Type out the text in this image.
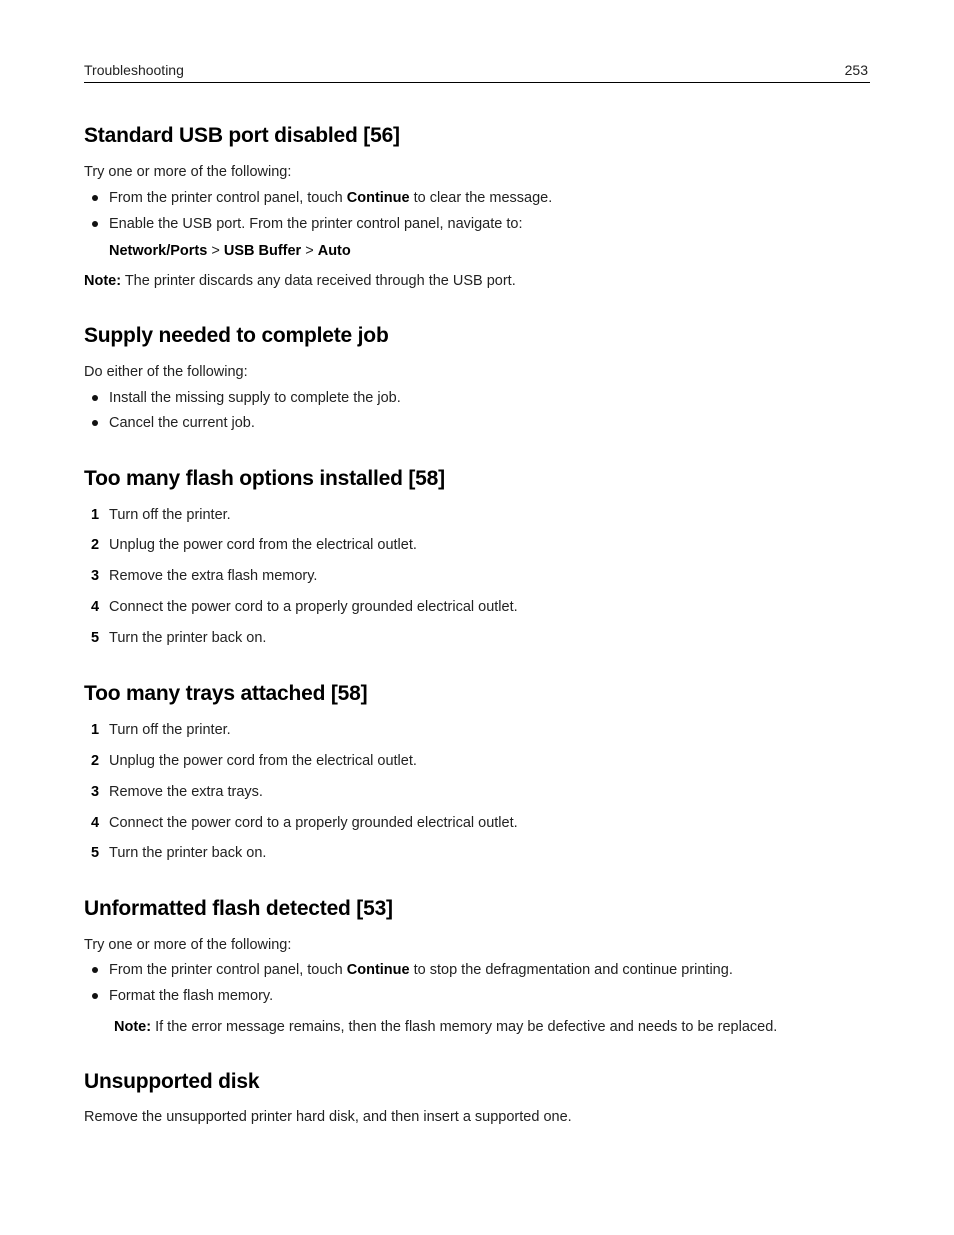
Troubleshooting	253
Standard USB port disabled [56]

Try one or more of the following:

From the printer control panel, touch Continue to clear the message.
Enable the USB port. From the printer control panel, navigate to:

Network/Ports > USB Buffer > Auto

Note: The printer discards any data received through the USB port.

Supply needed to complete job

Do either of the following:

Install the missing supply to complete the job.
Cancel the current job.
Too many flash options installed [58]
1 Turn off the printer.
2 Unplug the power cord from the electrical outlet.
3 Remove the extra flash memory.
4 Connect the power cord to a properly grounded electrical outlet.
5 Turn the printer back on.
Too many trays attached [58]
1 Turn off the printer.
2 Unplug the power cord from the electrical outlet.
3 Remove the extra trays.
4 Connect the power cord to a properly grounded electrical outlet.
5 Turn the printer back on.
Unformatted flash detected [53]

Try one or more of the following:

From the printer control panel, touch Continue to stop the defragmentation and continue printing.
Format the flash memory.

Note: If the error message remains, then the flash memory may be defective and needs to be replaced.

Unsupported disk

Remove the unsupported printer hard disk, and then insert a supported one.
